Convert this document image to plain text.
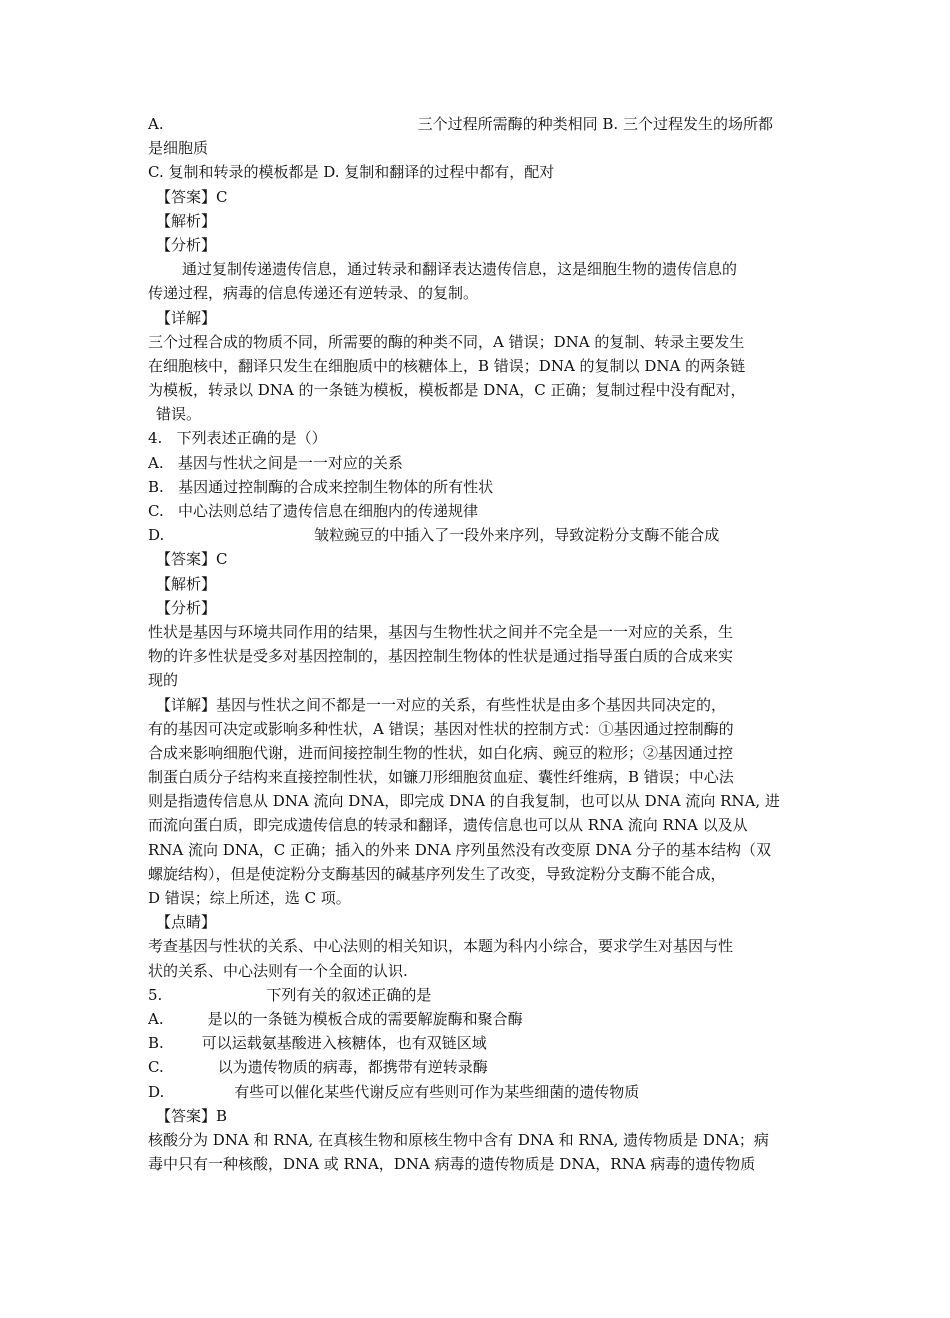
A.	三个过程所需酶的种类相同 B. 三个过程发生的场所都
是细胞质
C. 复制和转录的模板都是 D. 复制和翻译的过程中都有，配对
【答案】C
【解析】
【分析】
通过复制传递遗传信息，通过转录和翻译表达遗传信息，这是细胞生物的遗传信息的
传递过程，病毒的信息传递还有逆转录、的复制。
【详解】
三个过程合成的物质不同，所需要的酶的种类不同，A 错误；DNA 的复制、转录主要发生
在细胞核中，翻译只发生在细胞质中的核糖体上，B 错误；DNA 的复制以 DNA 的两条链
为模板，转录以 DNA 的一条链为模板，模板都是 DNA，C 正确；复制过程中没有配对，
错误。
4.   下列表述正确的是（）
A.   基因与性状之间是一一对应的关系
B.   基因通过控制酶的合成来控制生物体的所有性状
C.   中心法则总结了遗传信息在细胞内的传递规律
D.	皱粒豌豆的中插入了一段外来序列，导致淀粉分支酶不能合成
【答案】C
【解析】
【分析】
性状是基因与环境共同作用的结果，基因与生物性状之间并不完全是一一对应的关系，生
物的许多性状是受多对基因控制的，基因控制生物体的性状是通过指导蛋白质的合成来实
现的
【详解】基因与性状之间不都是一一对应的关系，有些性状是由多个基因共同决定的，
有的基因可决定或影响多种性状，A 错误；基因对性状的控制方式：①基因通过控制酶的
合成来影响细胞代谢，进而间接控制生物的性状，如白化病、豌豆的粒形；②基因通过控
制蛋白质分子结构来直接控制性状，如镰刀形细胞贫血症、囊性纤维病，B 错误；中心法
则是指遗传信息从 DNA 流向 DNA，即完成 DNA 的自我复制，也可以从 DNA 流向 RNA, 进
而流向蛋白质，即完成遗传信息的转录和翻译，遗传信息也可以从 RNA 流向 RNA 以及从
RNA 流向 DNA，C 正确；插入的外来 DNA 序列虽然没有改变原 DNA 分子的基本结构（双
螺旋结构），但是使淀粉分支酶基因的碱基序列发生了改变，导致淀粉分支酶不能合成，
D 错误；综上所述，选 C 项。
【点睛】
考查基因与性状的关系、中心法则的相关知识，本题为科内小综合，要求学生对基因与性
状的关系、中心法则有一个全面的认识.
5.	下列有关的叙述正确的是
A.	是以的一条链为模板合成的需要解旋酶和聚合酶
B.	可以运载氨基酸进入核糖体，也有双链区域
C.	以为遗传物质的病毒，都携带有逆转录酶
D.	有些可以催化某些代谢反应有些则可作为某些细菌的遗传物质
【答案】B
核酸分为 DNA 和 RNA, 在真核生物和原核生物中含有 DNA 和 RNA, 遗传物质是 DNA；病
毒中只有一种核酸，DNA 或 RNA，DNA 病毒的遗传物质是 DNA，RNA 病毒的遗传物质
